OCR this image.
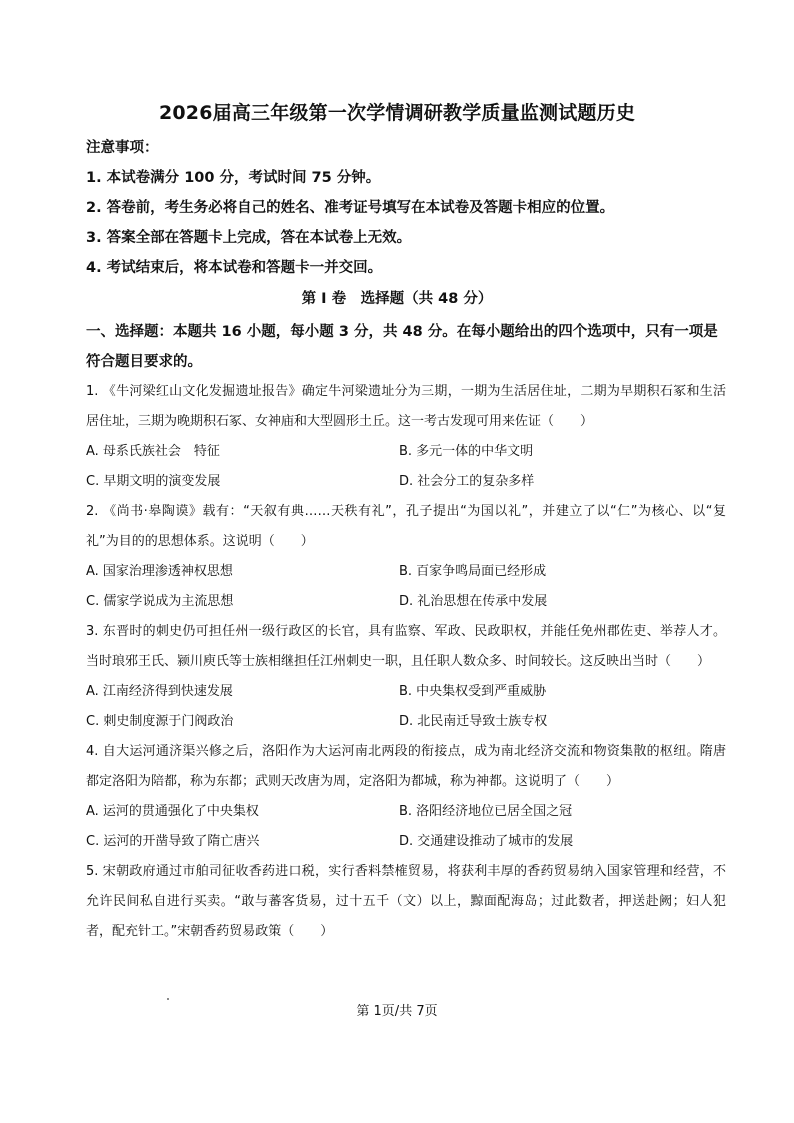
2026届高三年级第一次学情调研教学质量监测试题历史
注意事项：
1. 本试卷满分 100 分，考试时间 75 分钟。
2. 答卷前，考生务必将自己的姓名、准考证号填写在本试卷及答题卡相应的位置。
3. 答案全部在答题卡上完成，答在本试卷上无效。
4. 考试结束后，将本试卷和答题卡一并交回。
第 I 卷　选择题（共 48 分）
一、选择题：本题共 16 小题，每小题 3 分，共 48 分。在每小题给出的四个选项中，只有一项是符合题目要求的。
1. 《牛河梁红山文化发掘遗址报告》确定牛河梁遗址分为三期，一期为生活居住址，二期为早期积石冢和生活居住址，三期为晚期积石冢、女神庙和大型圆形土丘。这一考古发现可用来佐证（　　）
A. 母系氏族社会　特征	B. 多元一体的中华文明
C. 早期文明的演变发展	D. 社会分工的复杂多样
2. 《尚书·皋陶谟》载有：“天叙有典……天秩有礼”，孔子提出“为国以礼”，并建立了以“仁”为核心、以“复礼”为目的的思想体系。这说明（　　）
A. 国家治理渗透神权思想	B. 百家争鸣局面已经形成
C. 儒家学说成为主流思想	D. 礼治思想在传承中发展
3. 东晋时的刺史仍可担任州一级行政区的长官，具有监察、军政、民政职权，并能任免州郡佐吏、举荐人才。当时琅邪王氏、颍川庾氏等士族相继担任江州刺史一职，且任职人数众多、时间较长。这反映出当时（　　）
A. 江南经济得到快速发展	B. 中央集权受到严重威胁
C. 刺史制度源于门阀政治	D. 北民南迁导致士族专权
4. 自大运河通济渠兴修之后，洛阳作为大运河南北两段的衔接点，成为南北经济交流和物资集散的枢纽。隋唐都定洛阳为陪都，称为东都；武则天改唐为周，定洛阳为都城，称为神都。这说明了（　　）
A. 运河的贯通强化了中央集权	B. 洛阳经济地位已居全国之冠
C. 运河的开凿导致了隋亡唐兴	D. 交通建设推动了城市的发展
5. 宋朝政府通过市舶司征收香药进口税，实行香料禁榷贸易，将获利丰厚的香药贸易纳入国家管理和经营，不允许民间私自进行买卖。“敢与蕃客货易，过十五千（文）以上，黥面配海岛；过此数者，押送赴阙；妇人犯者，配充针工。”宋朝香药贸易政策（　　）
第 1页/共 7页
